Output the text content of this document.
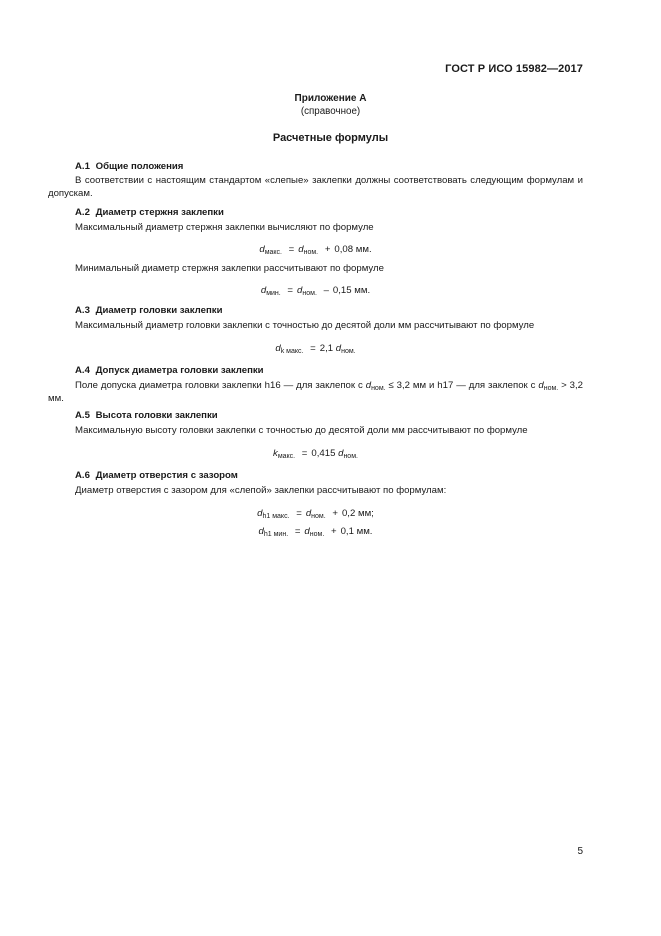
ГОСТ Р ИСО 15982—2017
Приложение А
(справочное)
Расчетные формулы
А.1 Общие положения
В соответствии с настоящим стандартом «слепые» заклепки должны соответствовать следующим формулам и допускам.
А.2 Диаметр стержня заклепки
Максимальный диаметр стержня заклепки вычисляют по формуле
$d_{макс.} = d_{ном.} + 0,08$ мм.
Минимальный диаметр стержня заклепки рассчитывают по формуле
$d_{мин.} = d_{ном.} - 0,15$ мм.
А.3 Диаметр головки заклепки
Максимальный диаметр головки заклепки с точностью до десятой доли мм рассчитывают по формуле
$d_{k макс.} = 2,1$ $d_{ном.}$
А.4 Допуск диаметра головки заклепки
Поле допуска диаметра головки заклепки h16 — для заклепок с $d_{ном.} \le 3,2$ мм и h17 — для заклепок с $d_{ном.} > 3,2$ мм.
А.5 Высота головки заклепки
Максимальную высоту головки заклепки с точностью до десятой доли мм рассчитывают по формуле
$k_{макс.} = 0,415$ $d_{ном.}$
А.6 Диаметр отверстия с зазором
Диаметр отверстия с зазором для «слепой» заклепки рассчитывают по формулам:
$d_{h1 макс.} = d_{ном.} + 0,2$ мм;
$d_{h1 мин.} = d_{ном.} + 0,1$ мм.
5
